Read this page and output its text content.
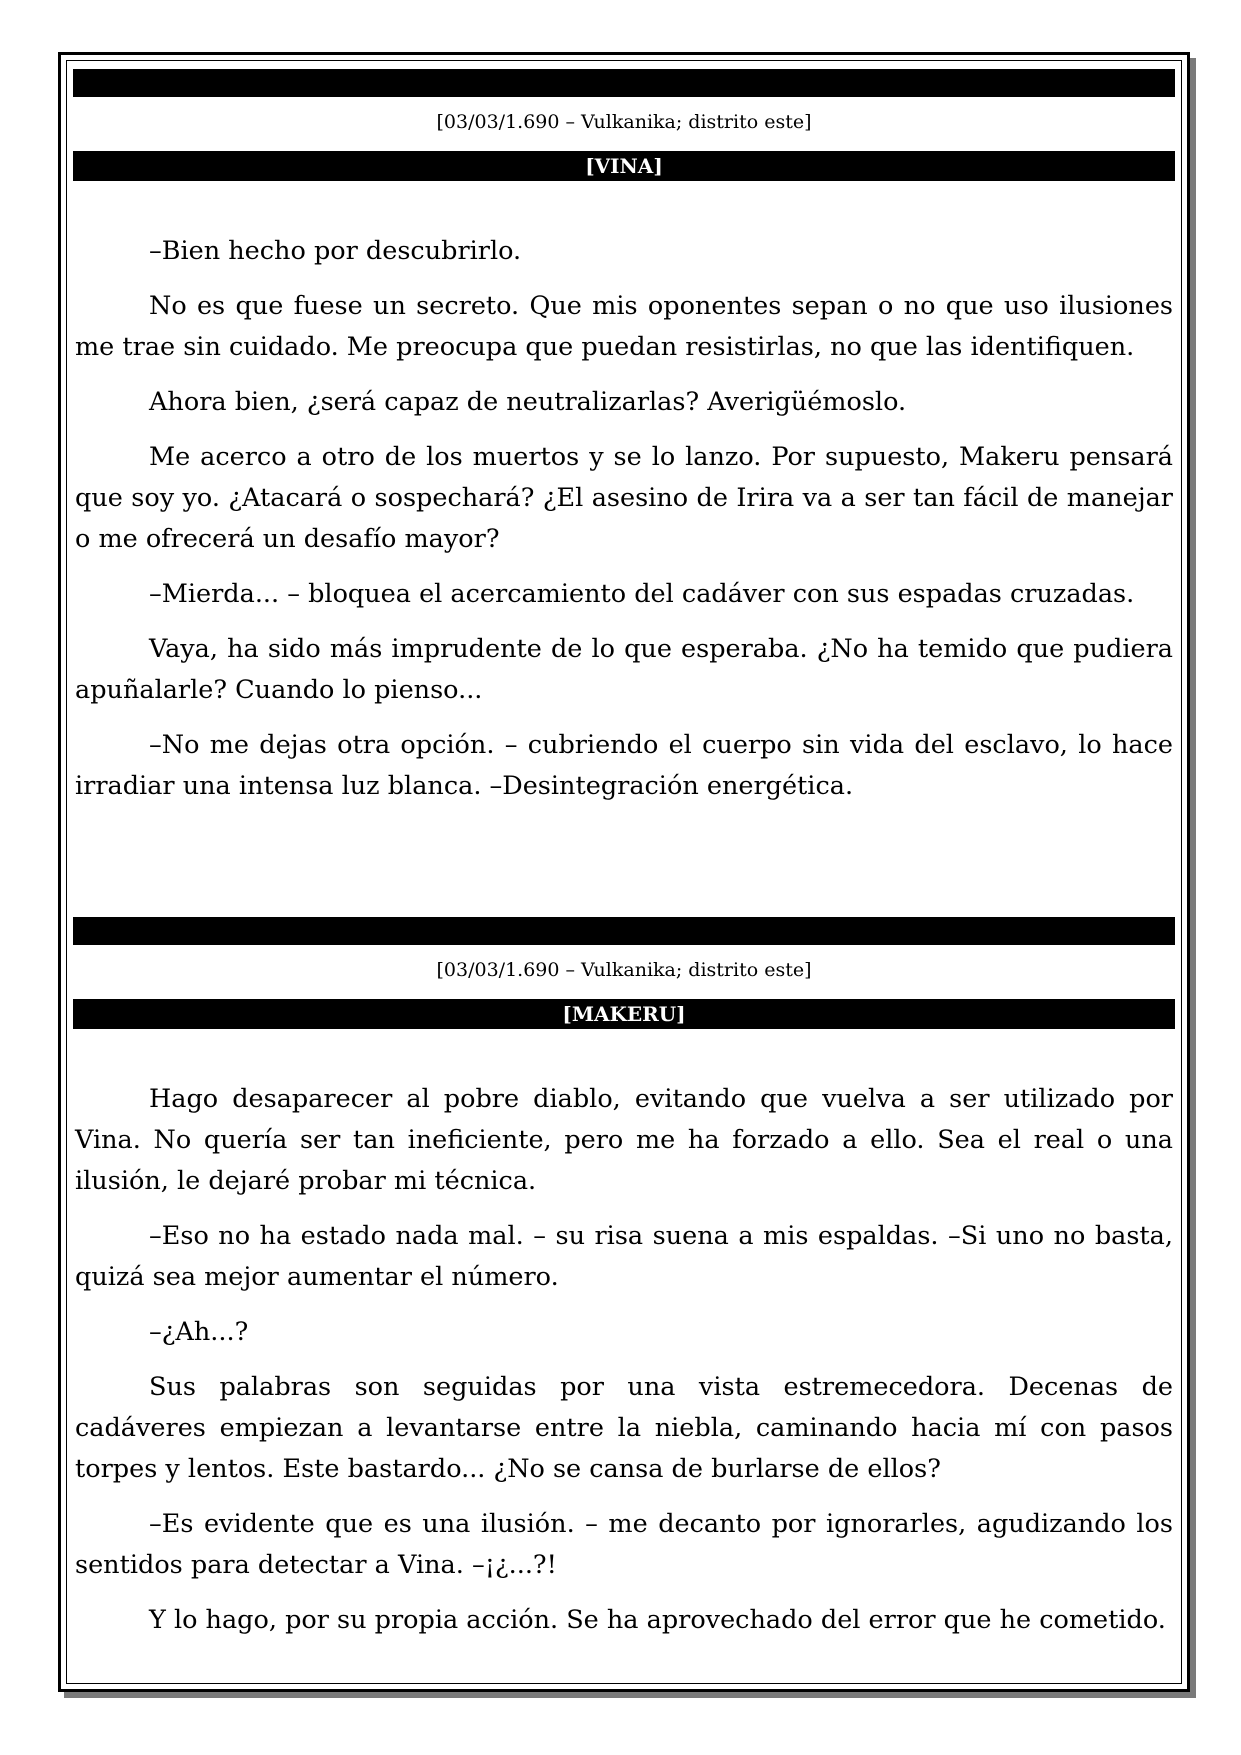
[03/03/1.690 – Vulkanika; distrito este]
[VINA]

–Bien hecho por descubrirlo.

No es que fuese un secreto. Que mis oponentes sepan o no que uso ilusiones me trae sin cuidado. Me preocupa que puedan resistirlas, no que las identifiquen.

Ahora bien, ¿será capaz de neutralizarlas? Averigüémoslo.

Me acerco a otro de los muertos y se lo lanzo. Por supuesto, Makeru pensará que soy yo. ¿Atacará o sospechará? ¿El asesino de Irira va a ser tan fácil de manejar o me ofrecerá un desafío mayor?

–Mierda... – bloquea el acercamiento del cadáver con sus espadas cruzadas.

Vaya, ha sido más imprudente de lo que esperaba. ¿No ha temido que pudiera apuñalarle? Cuando lo pienso...

–No me dejas otra opción. – cubriendo el cuerpo sin vida del esclavo, lo hace irradiar una intensa luz blanca. –Desintegración energética.

[03/03/1.690 – Vulkanika; distrito este]
[MAKERU]

Hago desaparecer al pobre diablo, evitando que vuelva a ser utilizado por Vina. No quería ser tan ineficiente, pero me ha forzado a ello. Sea el real o una ilusión, le dejaré probar mi técnica.

–Eso no ha estado nada mal. – su risa suena a mis espaldas. –Si uno no basta, quizá sea mejor aumentar el número.

–¿Ah...?

Sus palabras son seguidas por una vista estremecedora. Decenas de cadáveres empiezan a levantarse entre la niebla, caminando hacia mí con pasos torpes y lentos. Este bastardo... ¿No se cansa de burlarse de ellos?

–Es evidente que es una ilusión. – me decanto por ignorarles, agudizando los sentidos para detectar a Vina. –¡¿...?!

Y lo hago, por su propia acción. Se ha aprovechado del error que he cometido.
